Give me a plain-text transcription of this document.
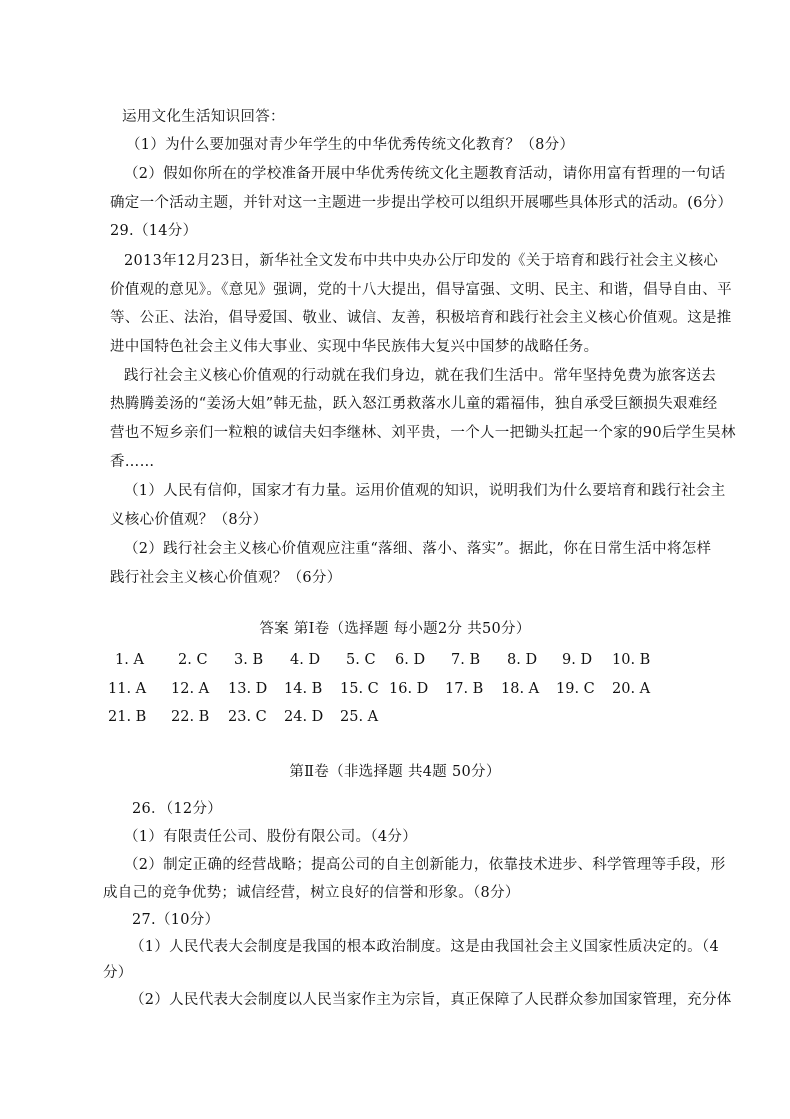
运用文化生活知识回答：
（1）为什么要加强对青少年学生的中华优秀传统文化教育？（8分）
（2）假如你所在的学校准备开展中华优秀传统文化主题教育活动，请你用富有哲理的一句话
确定一个活动主题，并针对这一主题进一步提出学校可以组织开展哪些具体形式的活动。(6分）
29.（14分）
2013年12月23日，新华社全文发布中共中央办公厅印发的《关于培育和践行社会主义核心
价值观的意见》。《意见》强调，党的十八大提出，倡导富强、文明、民主、和谐，倡导自由、平
等、公正、法治，倡导爱国、敬业、诚信、友善，积极培育和践行社会主义核心价值观。这是推
进中国特色社会主义伟大事业、实现中华民族伟大复兴中国梦的战略任务。
践行社会主义核心价值观的行动就在我们身边，就在我们生活中。常年坚持免费为旅客送去
热腾腾姜汤的“姜汤大姐”韩无盐，跃入怒江勇救落水儿童的霜福伟，独自承受巨额损失艰难经
营也不短乡亲们一粒粮的诚信夫妇李继林、刘平贵，一个人一把锄头扛起一个家的90后学生吴林
香……
（1）人民有信仰，国家才有力量。运用价值观的知识，说明我们为什么要培育和践行社会主
义核心价值观？（8分）
（2）践行社会主义核心价值观应注重“落细、落小、落实”。据此，你在日常生活中将怎样
践行社会主义核心价值观？（6分）
答案 第Ⅰ卷（选择题 每小题2分 共50分）
1. A 2. C 3. B 4. D 5. C 6. D 7. B 8. D 9. D 10. B
11. A 12. A 13. D 14. B 15. C 16. D 17. B 18. A 19. C 20. A
21. B 22. B 23. C 24. D 25. A
第Ⅱ卷（非选择题 共4题 50分）
26．（12分）
（1）有限责任公司、股份有限公司。（4分）
（2）制定正确的经营战略；提高公司的自主创新能力，依靠技术进步、科学管理等手段，形
成自己的竞争优势；诚信经营，树立良好的信誉和形象。（8分）
27.（10分）
（1）人民代表大会制度是我国的根本政治制度。这是由我国社会主义国家性质决定的。（4
分）
（2）人民代表大会制度以人民当家作主为宗旨，真正保障了人民群众参加国家管理，充分体
